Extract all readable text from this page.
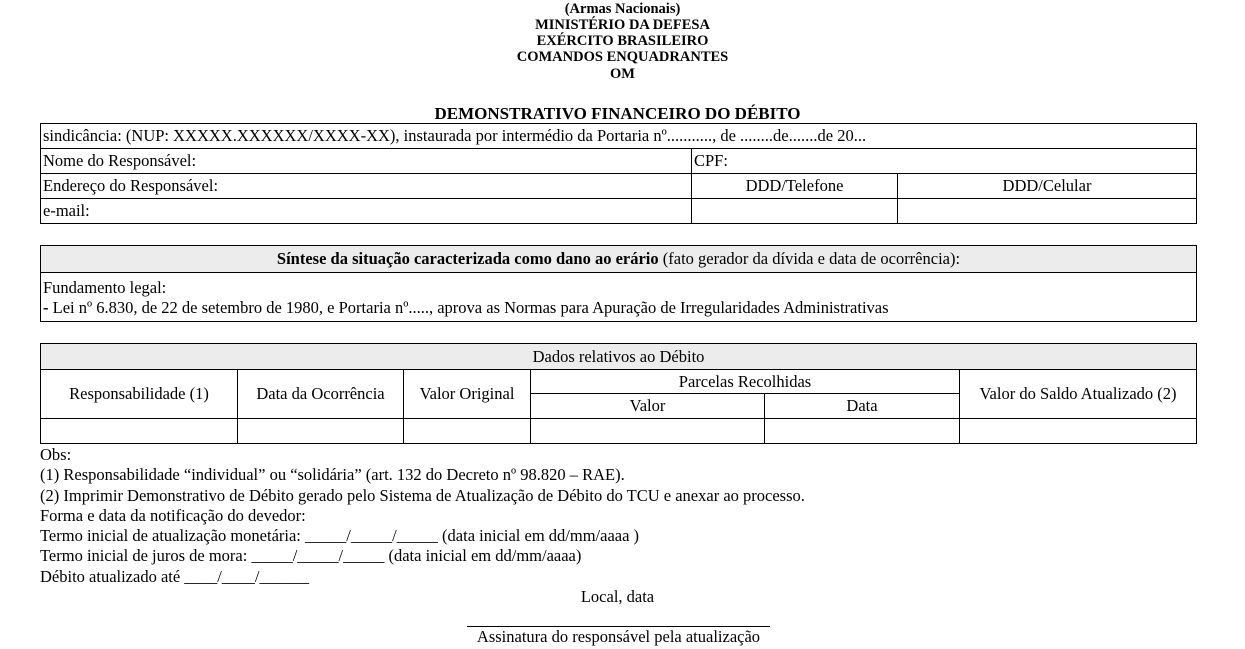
(Armas Nacionais)
MINISTÉRIO DA DEFESA
EXÉRCITO BRASILEIRO
COMANDOS ENQUADRANTES
OM
DEMONSTRATIVO FINANCEIRO DO DÉBITO
sindicância: (NUP: XXXXX.XXXXXX/XXXX-XX), instaurada por intermédio da Portaria nº..........., de ........de.......de 20...		
Nome do Responsável:	CPF:	
Endereço do Responsável:	DDD/Telefone	DDD/Celular
e-mail:		
Síntese da situação caracterizada como dano ao erário (fato gerador da dívida e data de ocorrência):

Fundamento legal:
- Lei nº 6.830, de 22 de setembro de 1980, e Portaria nº....., aprova as Normas para Apuração de Irregularidades Administrativas
Dados relativos ao Débito					
Responsabilidade (1)	Data da Ocorrência	Valor Original	Parcelas Recolhidas		Valor do Saldo Atualizado (2)
			Valor	Data	

Obs:
(1) Responsabilidade “individual” ou “solidária” (art. 132 do Decreto nº 98.820 – RAE).
(2) Imprimir Demonstrativo de Débito gerado pelo Sistema de Atualização de Débito do TCU e anexar ao processo.
Forma e data da notificação do devedor:
Termo inicial de atualização monetária: _____/_____/_____ (data inicial em dd/mm/aaaa )
Termo inicial de juros de mora: _____/_____/_____ (data inicial em dd/mm/aaaa)
Débito atualizado até ____/____/______
Local, data
Assinatura do responsável pela atualização
